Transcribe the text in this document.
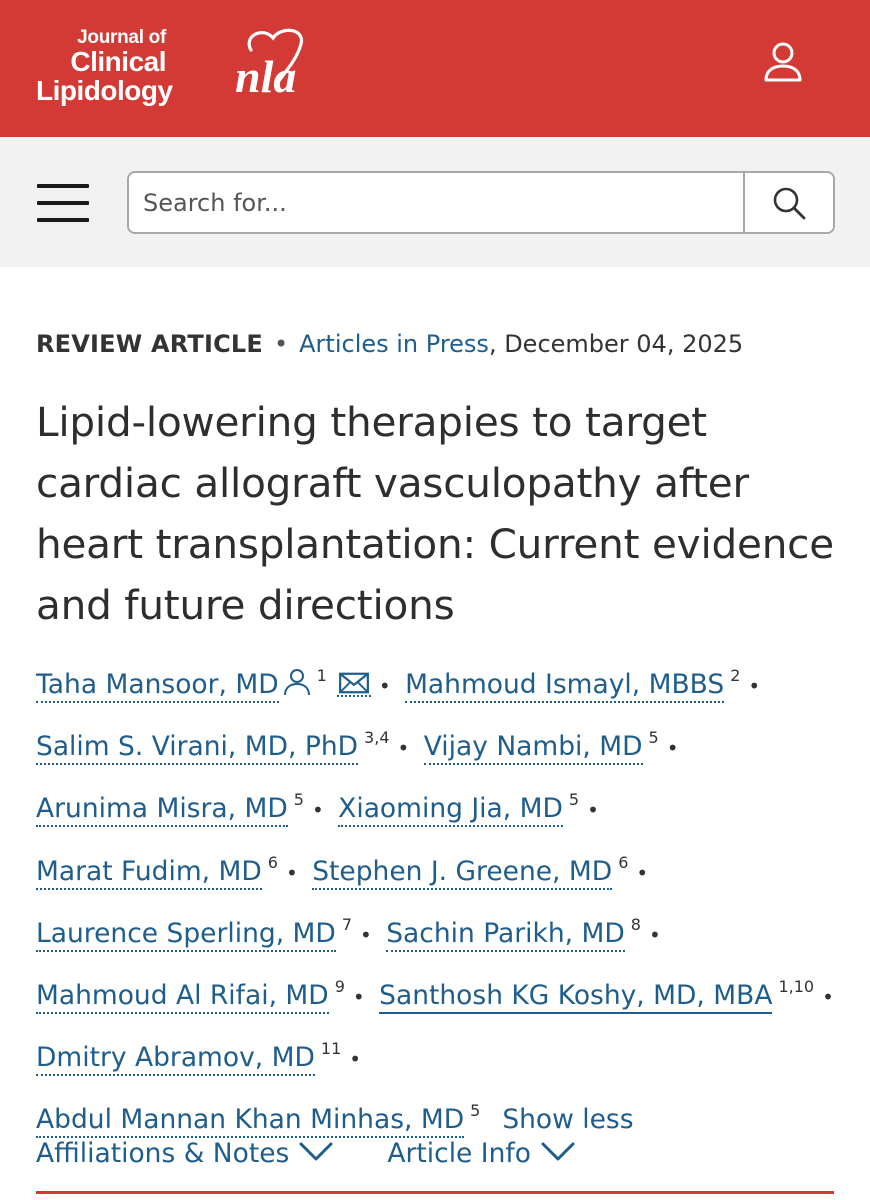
Journal of
Clinical
Lipidology nla
Search for...
REVIEW ARTICLE • Articles in Press, December 04, 2025
Lipid-lowering therapies to target cardiac allograft vasculopathy after heart transplantation: Current evidence and future directions
Taha Mansoor, MD $^1$	• Mahmoud Ismayl, MBBS $^2$ • Salim S. Virani, MD, PhD $^{3,4}$ • Vijay Nambi, MD $^5$ • Arunima Misra, MD $^5$ • Xiaoming Jia, MD $^5$ • Marat Fudim, MD $^6$ • Stephen J. Greene, MD $^6$ • Laurence Sperling, MD $^7$ • Sachin Parikh, MD $^8$ • Mahmoud Al Rifai, MD $^9$ • Santhosh KG Koshy, MD, MBA $^{1,10}$ • Dmitry Abramov, MD $^{11}$ • Abdul Mannan Khan Minhas, MD $^5$ Show less
Affiliations & Notes	Article Info
